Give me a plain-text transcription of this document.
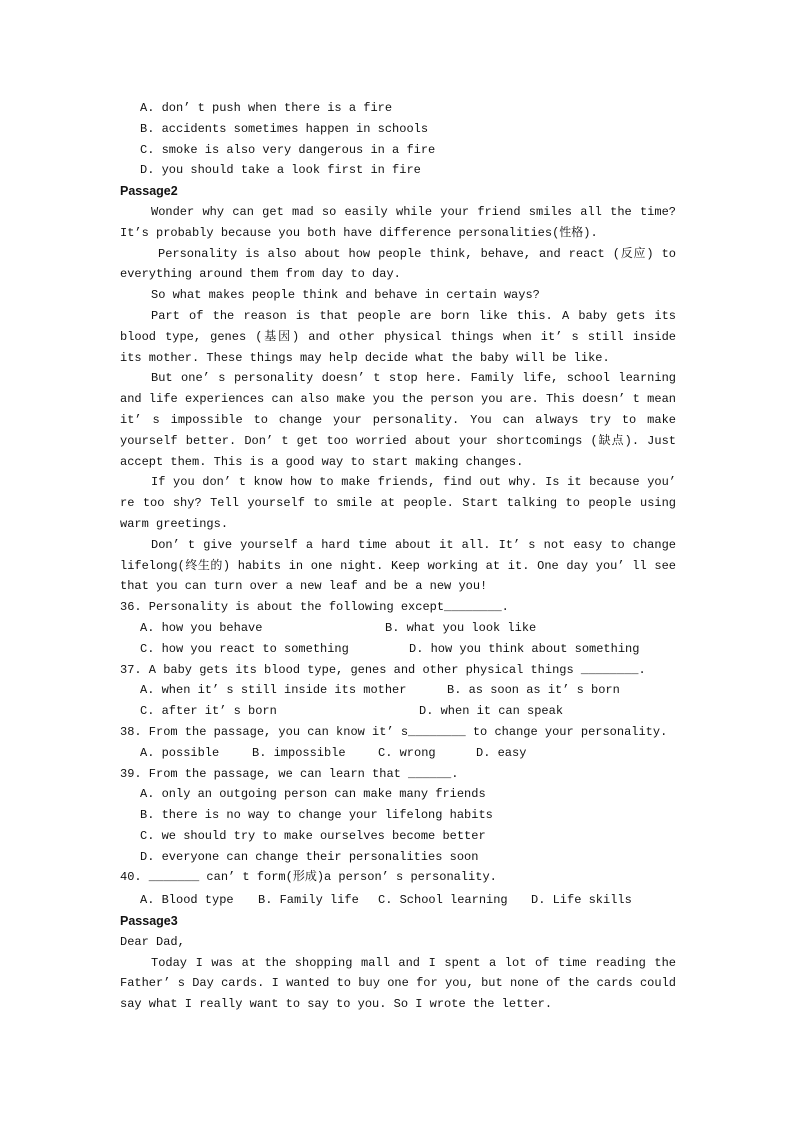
A. don’ t push when there is a fire
B. accidents sometimes happen in schools
C. smoke is also very dangerous in a fire
D. you should take a look first in fire
Passage2
Wonder why can get mad so easily while your friend smiles all the time? It’s probably because you both have difference personalities(性格).
Personality is also about how people think, behave, and react (反应) to everything around them from day to day.
So what makes people think and behave in certain ways?
Part of the reason is that people are born like this. A baby gets its blood type, genes (基因) and other physical things when it’ s still inside its mother. These things may help decide what the baby will be like.
But one’ s personality doesn’ t stop here. Family life, school learning and life experiences can also make you the person you are. This doesn’ t mean it’ s impossible to change your personality. You can always try to make yourself better. Don’ t get too worried about your shortcomings (缺点). Just accept them. This is a good way to start making changes.
If you don’ t know how to make friends, find out why. Is it because you’ re too shy? Tell yourself to smile at people. Start talking to people using warm greetings.
Don’ t give yourself a hard time about it all. It’ s not easy to change lifelong(终生的) habits in one night. Keep working at it. One day you’ ll see that you can turn over a new leaf and be a new you!
36. Personality is about the following except________.
A. how you behave	B. what you look like
C. how you react to something	D. how you think about something
37. A baby gets its blood type, genes and other physical things ________.
A. when it’ s still inside its mother	B. as soon as it’ s born
C. after it’ s born	D. when it can speak
38. From the passage, you can know it’ s________ to change your personality.
A. possible	B. impossible	C. wrong	D. easy
39. From the passage, we can learn that ______.
A. only an outgoing person can make many friends
B. there is no way to change your lifelong habits
C. we should try to make ourselves become better
D. everyone can change their personalities soon
40. _______ can’ t form(形成)a person’ s personality.
A. Blood type	B. Family life	C. School learning	D. Life skills
Passage3
Dear Dad,
Today I was at the shopping mall and I spent a lot of time reading the Father’ s Day cards. I wanted to buy one for you, but none of the cards could say what I really want to say to you. So I wrote the letter.
